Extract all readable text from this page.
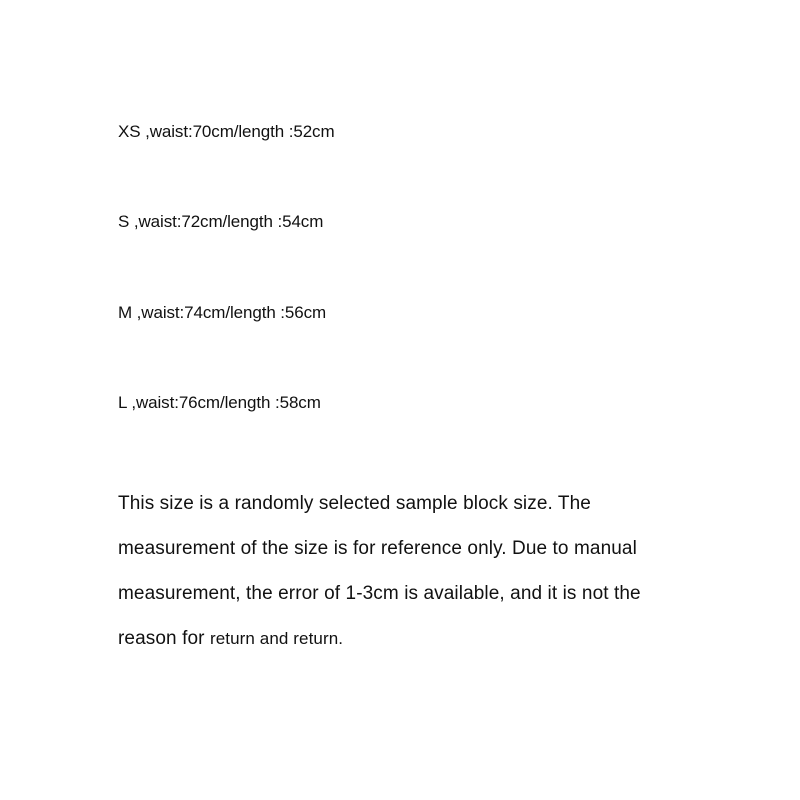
XS ,waist:70cm/length :52cm
S ,waist:72cm/length :54cm
M ,waist:74cm/length :56cm
L ,waist:76cm/length :58cm

This size is a randomly selected sample block size. The
measurement of the size is for reference only. Due to manual
measurement, the error of 1-3cm is available, and it is not the
reason for return and return.
